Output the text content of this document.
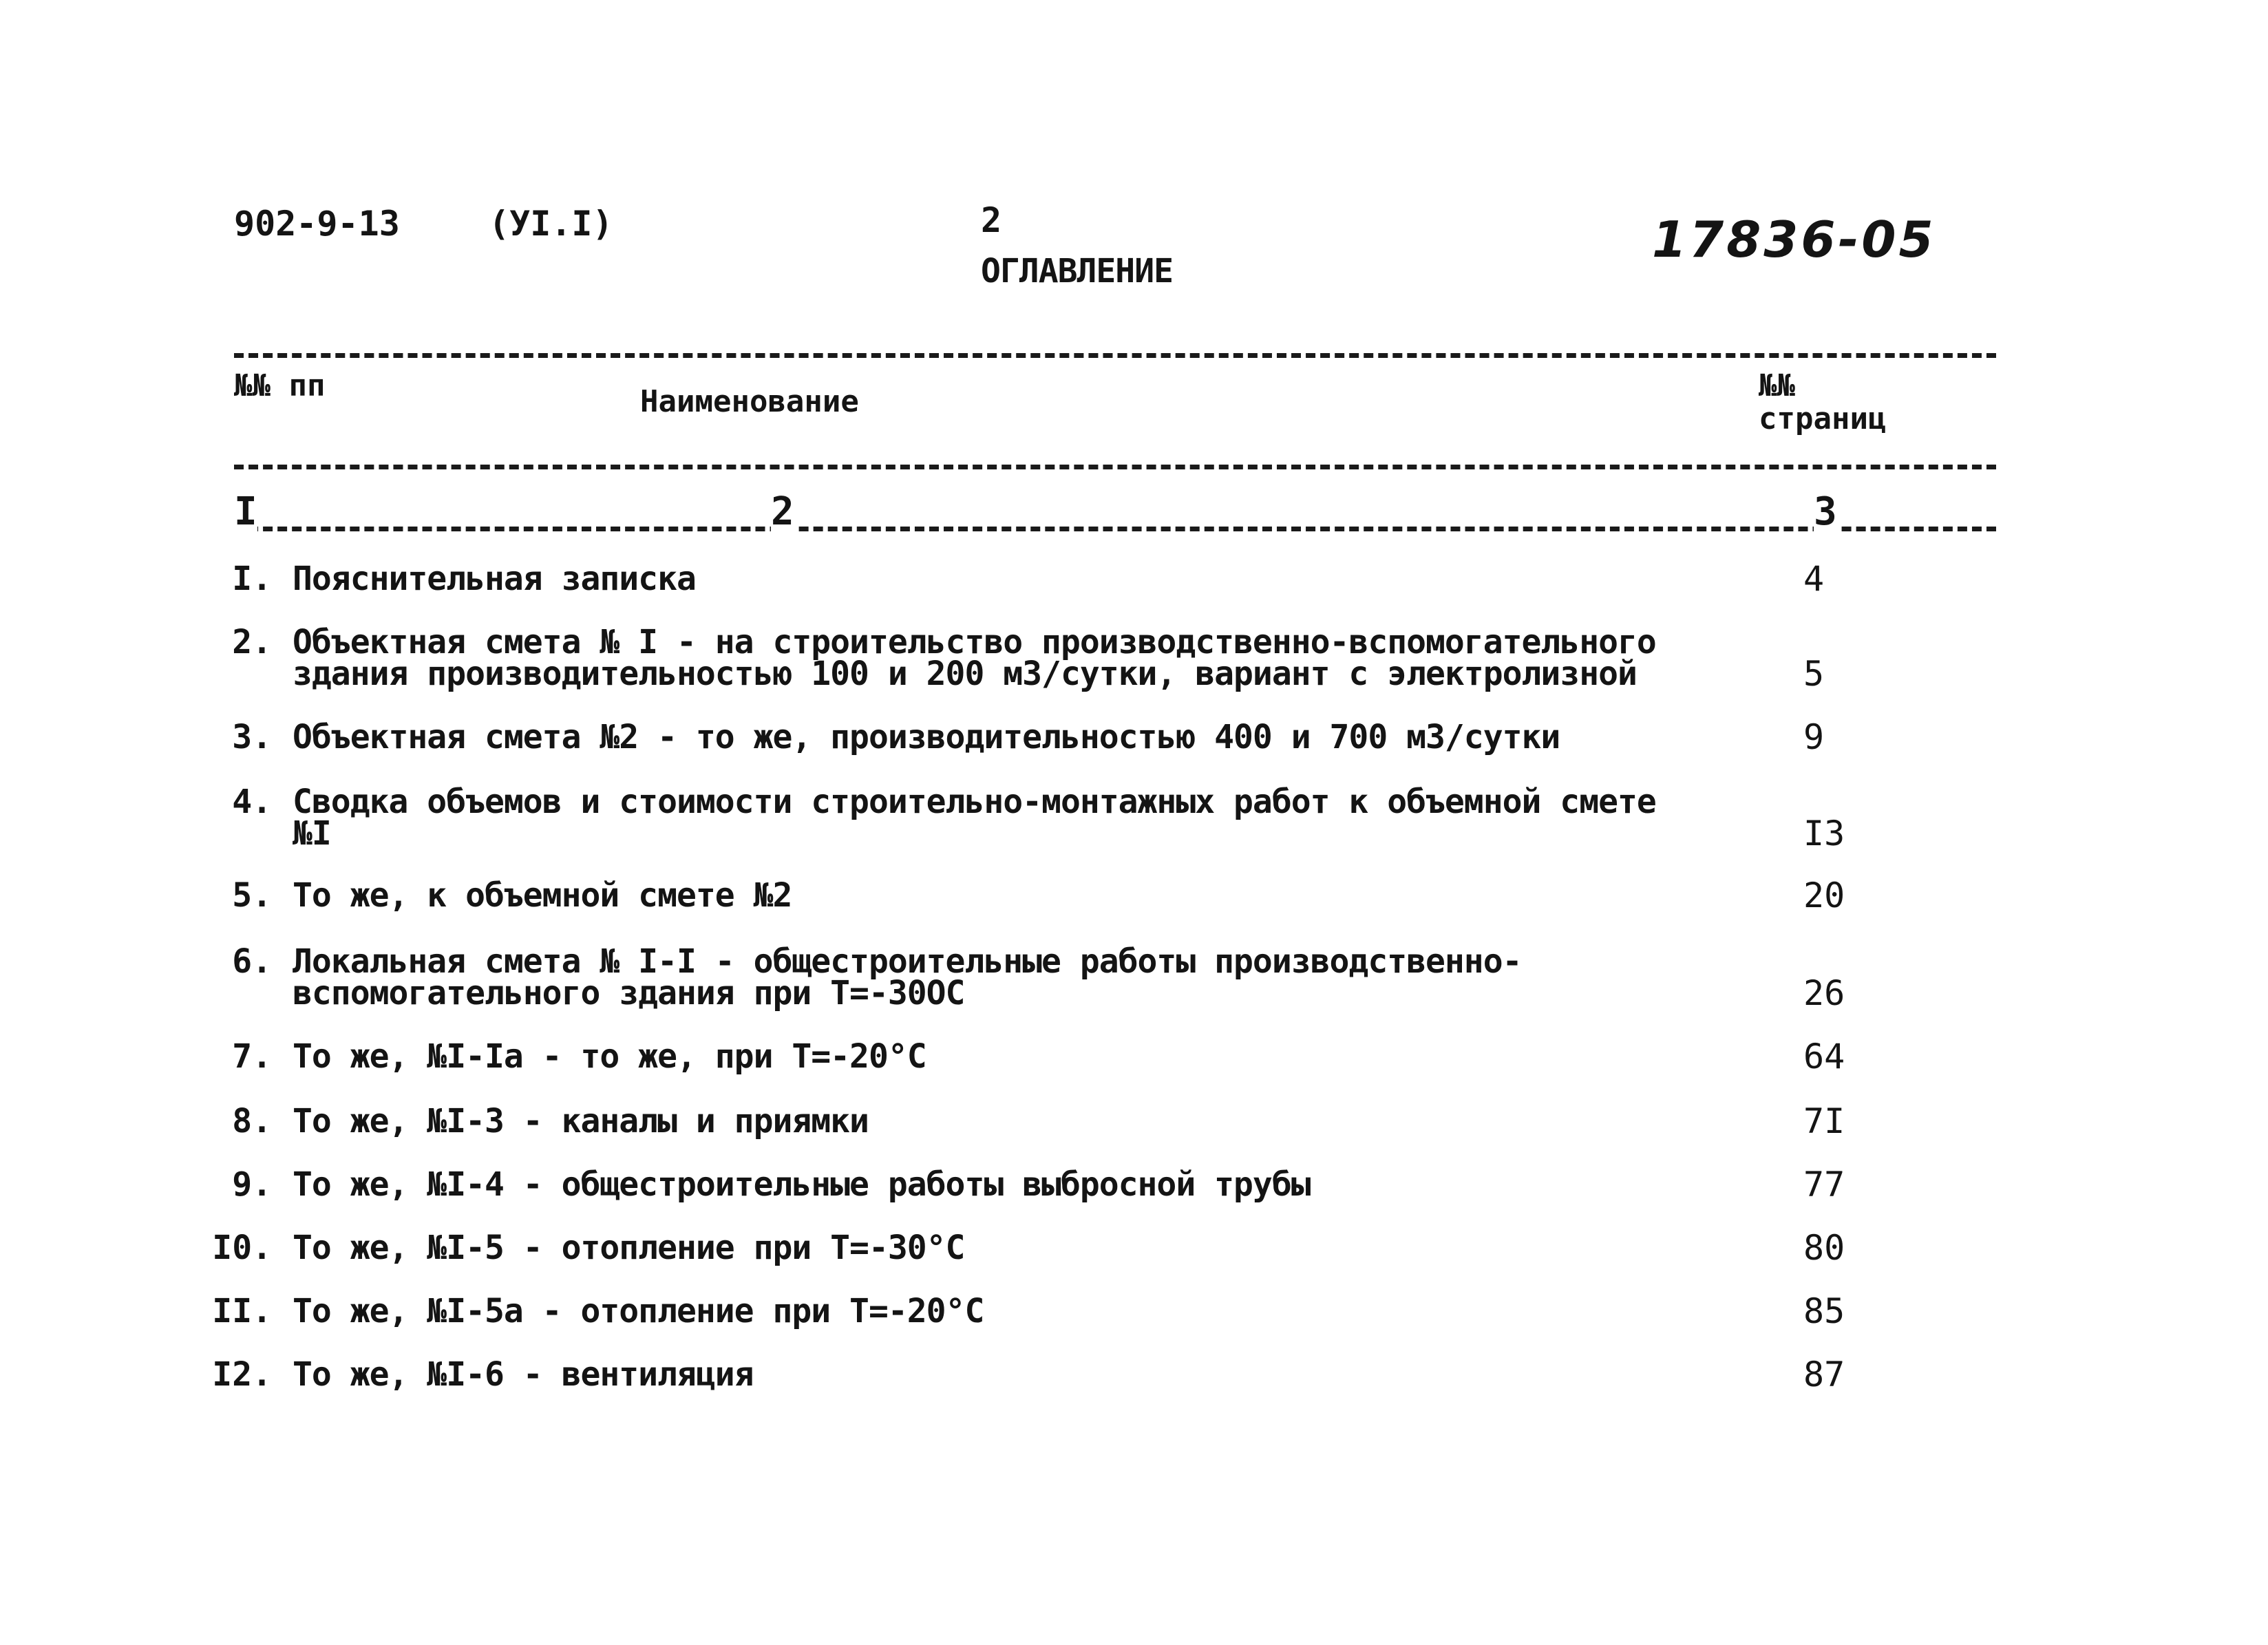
902-9-13	(УI.I)	2
ОГЛАВЛЕНИЕ
17836-05
№№ пп	Наименование	№№ страниц
I	2	3
I. Пояснительная записка	4
2. Объектная смета № I - на строительство производственно-вспомогательного здания производительностью 100 и 200 м3/сутки, вариант с электролизной	5
3. Объектная смета №2 - то же, производительностью 400 и 700 м3/сутки	9
4. Сводка объемов и стоимости строительно-монтажных работ к объемной смете №I	I3
5. То же, к объемной смете №2	20
6. Локальная смета № I-I - общестроительные работы производственно-вспомогательного здания при Т=-30ОС	26
7. То же, №I-Iа - то же, при Т=-20°С	64
8. То же, №I-3 - каналы и приямки	7I
9. То же, №I-4 - общестроительные работы выбросной трубы	77
I0. То же, №I-5 - отопление при Т=-30°С	80
II. То же, №I-5а - отопление при Т=-20°С	85
I2. То же, №I-6 - вентиляция	87
